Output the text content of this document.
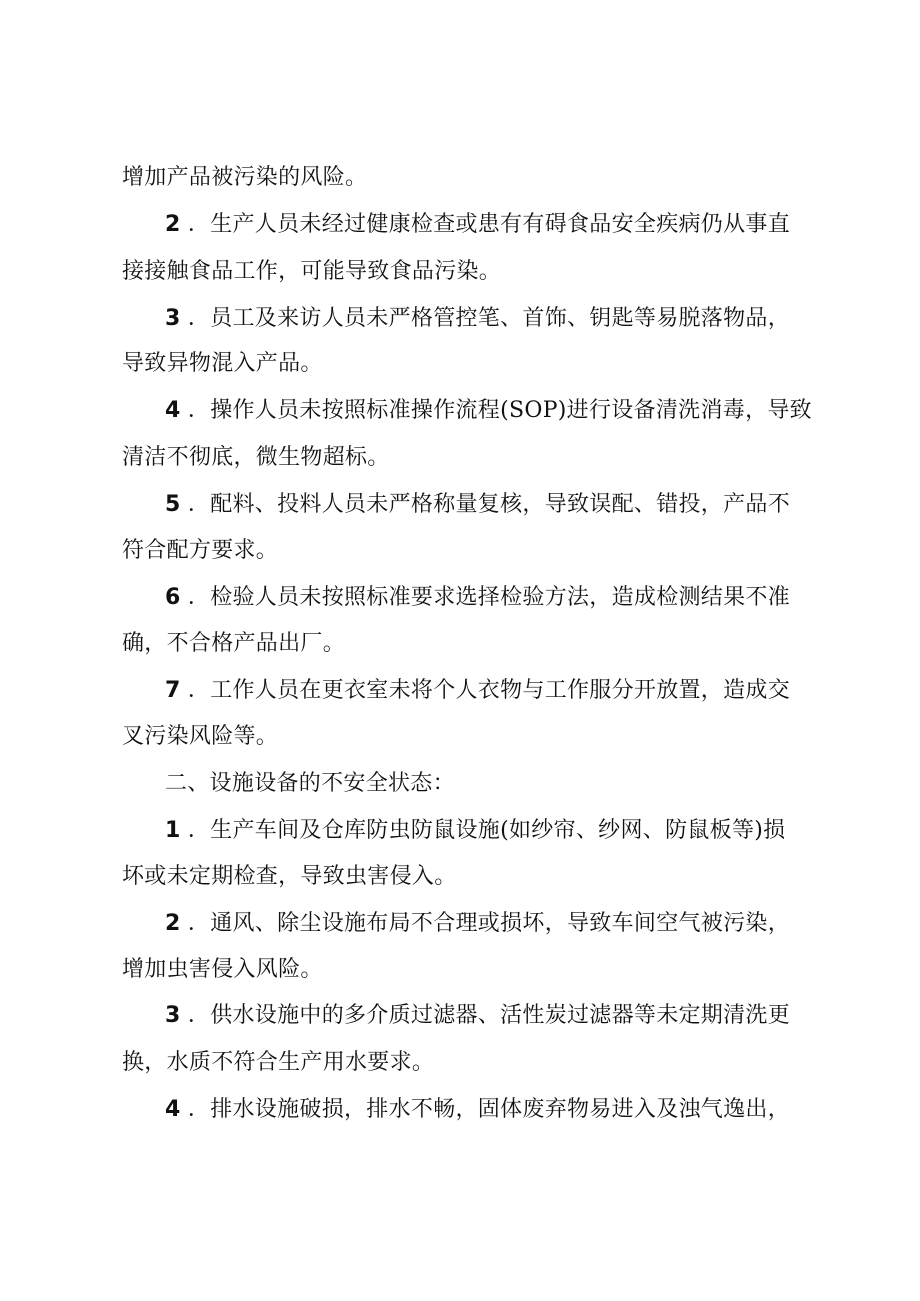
增加产品被污染的风险。
2 ．生产人员未经过健康检查或患有有碍食品安全疾病仍从事直
接接触食品工作，可能导致食品污染。
3 ．员工及来访人员未严格管控笔、首饰、钥匙等易脱落物品，
导致异物混入产品。
4 ．操作人员未按照标准操作流程(SOP)进行设备清洗消毒，导致
清洁不彻底，微生物超标。
5 ．配料、投料人员未严格称量复核，导致误配、错投，产品不
符合配方要求。
6 ．检验人员未按照标准要求选择检验方法，造成检测结果不准
确，不合格产品出厂。
7 ．工作人员在更衣室未将个人衣物与工作服分开放置，造成交
叉污染风险等。
二、设施设备的不安全状态：
1 ．生产车间及仓库防虫防鼠设施(如纱帘、纱网、防鼠板等)损
坏或未定期检查，导致虫害侵入。
2 ．通风、除尘设施布局不合理或损坏，导致车间空气被污染，
增加虫害侵入风险。
3 ．供水设施中的多介质过滤器、活性炭过滤器等未定期清洗更
换，水质不符合生产用水要求。
4 ．排水设施破损，排水不畅，固体废弃物易进入及浊气逸出，
